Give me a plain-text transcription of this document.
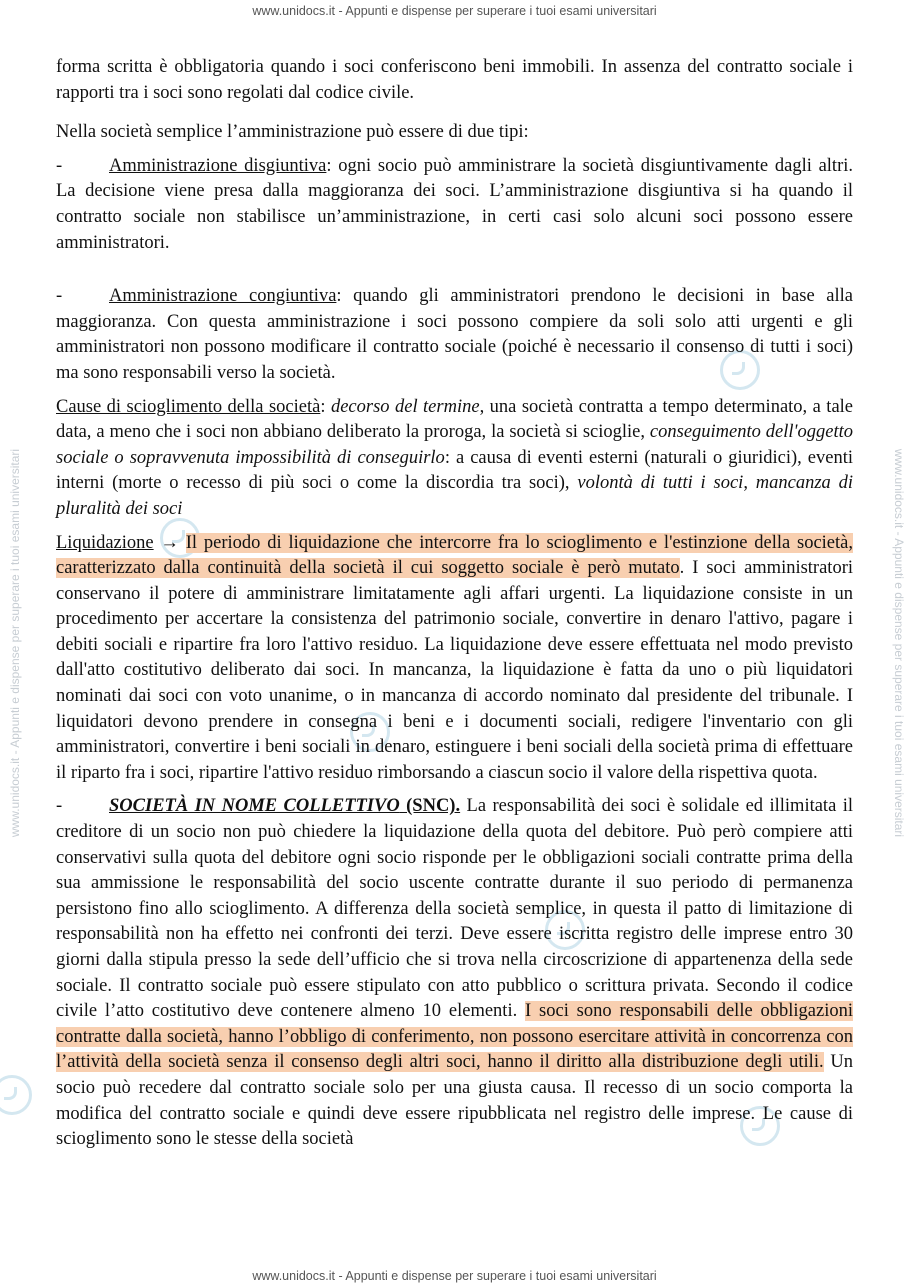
www.unidocs.it - Appunti e dispense per superare i tuoi esami universitari	www.unidocs.it - Appunti e dispense per superare i tuoi esami universitari
www.unidocs.it - Appunti e dispense per superare i tuoi esami universitari

forma scritta è obbligatoria quando i soci conferiscono beni immobili. In assenza del contratto sociale i rapporti tra i soci sono regolati dal codice civile.

Nella società semplice l’amministrazione può essere di due tipi:

-	Amministrazione disgiuntiva: ogni socio può amministrare la società disgiuntivamente dagli altri. La decisione viene presa dalla maggioranza dei soci. L’amministrazione disgiuntiva si ha quando il contratto sociale non stabilisce un’amministrazione, in certi casi solo alcuni soci possono essere amministratori.

-	Amministrazione congiuntiva: quando gli amministratori prendono le decisioni in base alla maggioranza. Con questa amministrazione i soci possono compiere da soli solo atti urgenti e gli amministratori non possono modificare il contratto sociale (poiché è necessario il consenso di tutti i soci) ma sono responsabili verso la società.

Cause di scioglimento della società: decorso del termine, una società contratta a tempo determinato, a tale data, a meno che i soci non abbiano deliberato la proroga, la società si scioglie, conseguimento dell'oggetto sociale o sopravvenuta impossibilità di conseguirlo: a causa di eventi esterni (naturali o giuridici), eventi interni (morte o recesso di più soci o come la discordia tra soci), volontà di tutti i soci, mancanza di pluralità dei soci

Liquidazione → Il periodo di liquidazione che intercorre fra lo scioglimento e l'estinzione della società, caratterizzato dalla continuità della società il cui soggetto sociale è però mutato. I soci amministratori conservano il potere di amministrare limitatamente agli affari urgenti. La liquidazione consiste in un procedimento per accertare la consistenza del patrimonio sociale, convertire in denaro l'attivo, pagare i debiti sociali e ripartire fra loro l'attivo residuo. La liquidazione deve essere effettuata nel modo previsto dall'atto costitutivo deliberato dai soci. In mancanza, la liquidazione è fatta da uno o più liquidatori nominati dai soci con voto unanime, o in mancanza di accordo nominato dal presidente del tribunale. I liquidatori devono prendere in consegna i beni e i documenti sociali, redigere l'inventario con gli amministratori, convertire i beni sociali in denaro, estinguere i beni sociali della società prima di effettuare il riparto fra i soci, ripartire l'attivo residuo rimborsando a ciascun socio il valore della rispettiva quota.

-	SOCIETÀ IN NOME COLLETTIVO (SNC). La responsabilità dei soci è solidale ed illimitata il creditore di un socio non può chiedere la liquidazione della quota del debitore. Può però compiere atti conservativi sulla quota del debitore ogni socio risponde per le obbligazioni sociali contratte prima della sua ammissione le responsabilità del socio uscente contratte durante il suo periodo di permanenza persistono fino allo scioglimento. A differenza della società semplice, in questa il patto di limitazione di responsabilità non ha effetto nei confronti dei terzi. Deve essere iscritta registro delle imprese entro 30 giorni dalla stipula presso la sede dell’ufficio che si trova nella circoscrizione di appartenenza della sede sociale. Il contratto sociale può essere stipulato con atto pubblico o scrittura privata. Secondo il codice civile l’atto costitutivo deve contenere almeno 10 elementi. I soci sono responsabili delle obbligazioni contratte dalla società, hanno l’obbligo di conferimento, non possono esercitare attività in concorrenza con l’attività della società senza il consenso degli altri soci, hanno il diritto alla distribuzione degli utili. Un socio può recedere dal contratto sociale solo per una giusta causa. Il recesso di un socio comporta la modifica del contratto sociale e quindi deve essere ripubblicata nel registro delle imprese. Le cause di scioglimento sono le stesse della società

www.unidocs.it - Appunti e dispense per superare i tuoi esami universitari
